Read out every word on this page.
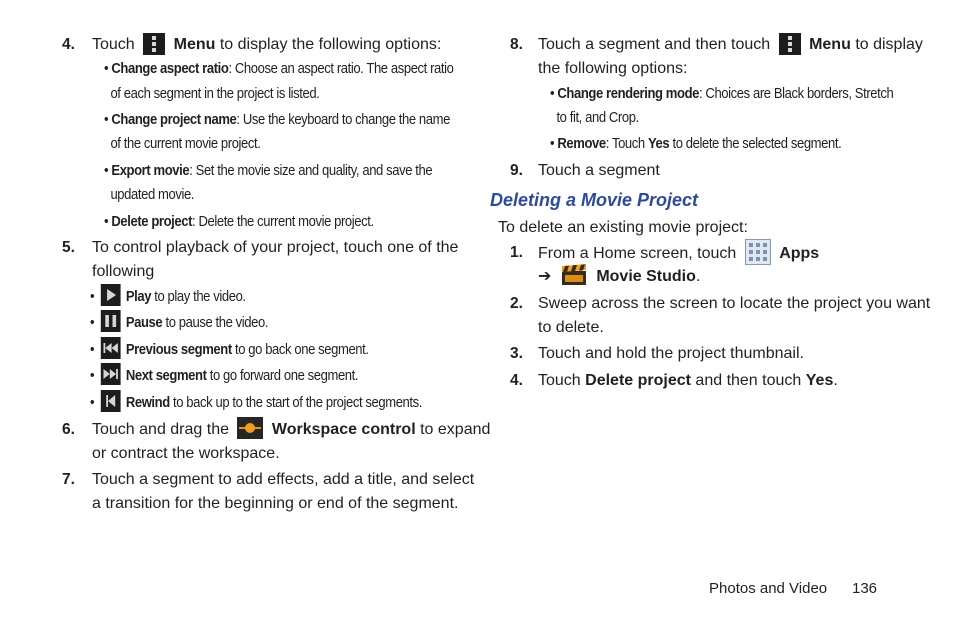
4. Touch Menu to display the following options:
• Change aspect ratio: Choose an aspect ratio. The aspect ratio
of each segment in the project is listed.
• Change project name: Use the keyboard to change the name
of the current movie project.
• Export movie: Set the movie size and quality, and save the
updated movie.
• Delete project: Delete the current movie project.
5. To control playback of your project, touch one of the
following
•
Play to play the video.
•
Pause to pause the video.
•
Previous segment to go back one segment.
•
Next segment to go forward one segment.
•
Rewind to back up to the start of the project segments.
6. Touch and drag the	Workspace control to expand
or contract the workspace.
7. Touch a segment to add effects, add a title, and select
a transition for the beginning or end of the segment.
8. Touch a segment and then touch Menu to display
the following options:
• Change rendering mode: Choices are Black borders, Stretch
to fit, and Crop.
• Remove: Touch Yes to delete the selected segment.
9. Touch a segment
Deleting a Movie Project
To delete an existing movie project:
1. From a Home screen, touch	Apps
➔	Movie Studio.
2. Sweep across the screen to locate the project you want
to delete.
3. Touch and hold the project thumbnail.
4. Touch Delete project and then touch Yes.
Photos and Video 136
